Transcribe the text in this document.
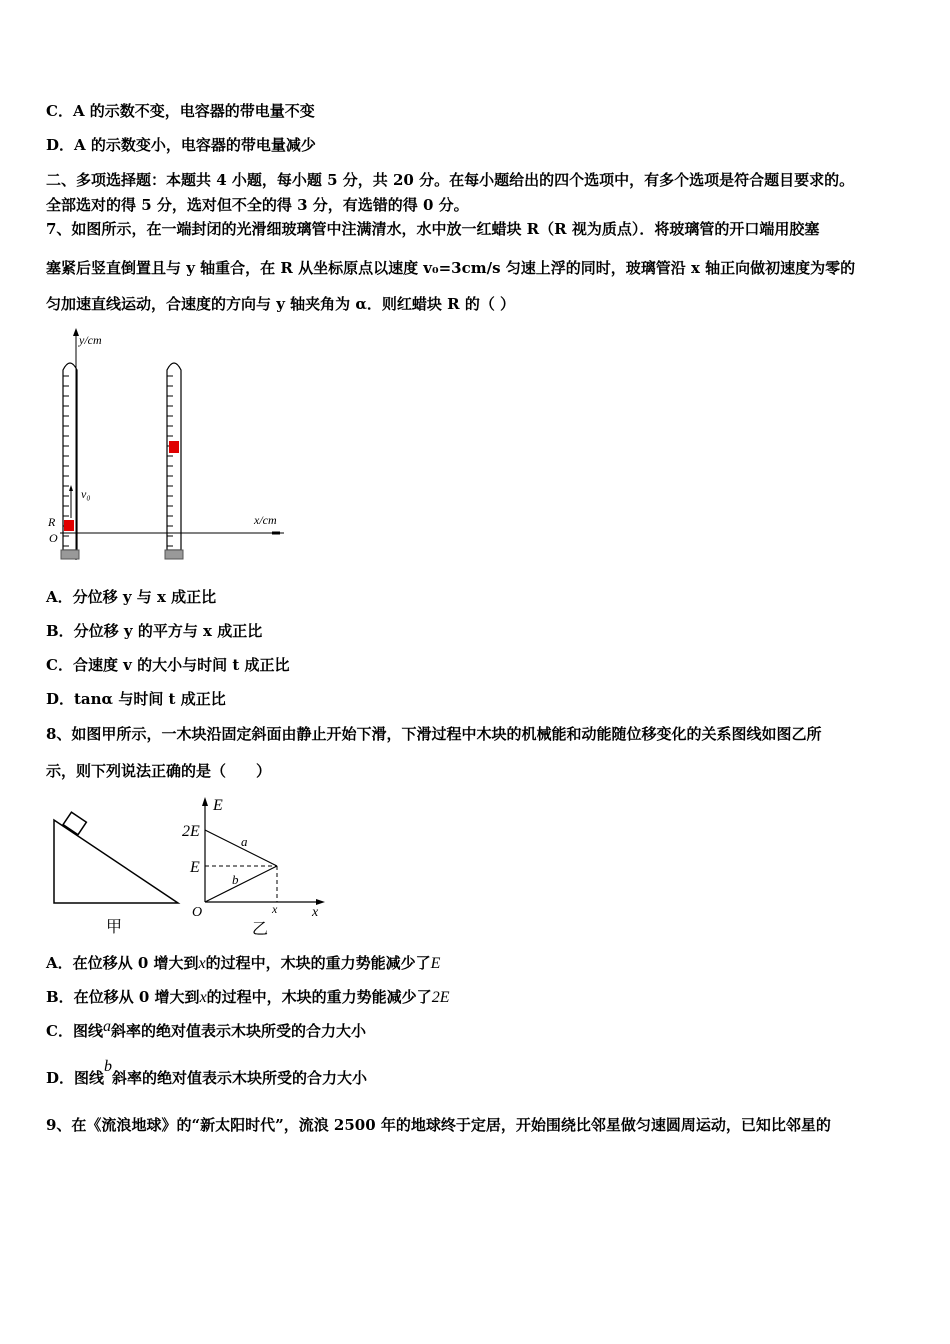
C．A 的示数不变，电容器的带电量不变
D．A 的示数变小，电容器的带电量减少
二、多项选择题：本题共 4 小题，每小题 5 分，共 20 分。在每小题给出的四个选项中，有多个选项是符合题目要求的。
全部选对的得 5 分，选对但不全的得 3 分，有选错的得 0 分。
7、如图所示，在一端封闭的光滑细玻璃管中注满清水，水中放一红蜡块 R（R 视为质点）．将玻璃管的开口端用胶塞
塞紧后竖直倒置且与 y 轴重合，在 R 从坐标原点以速度 v₀=3cm/s 匀速上浮的同时，玻璃管沿 x 轴正向做初速度为零的
匀加速直线运动，合速度的方向与 y 轴夹角为 α．则红蜡块 R 的（ ）
y/cm
x/cm
v₀
R
O
A．分位移 y 与 x 成正比
B．分位移 y 的平方与 x 成正比
C．合速度 v 的大小与时间 t 成正比
D．tanα 与时间 t 成正比
8、如图甲所示，一木块沿固定斜面由静止开始下滑，下滑过程中木块的机械能和动能随位移变化的关系图线如图乙所
示，则下列说法正确的是（　　）
甲
E
2E
E
O	x x
a
b
乙
A．在位移从 0 增大到x的过程中，木块的重力势能减少了E
B．在位移从 0 增大到x的过程中，木块的重力势能减少了2E
C．图线a斜率的绝对值表示木块所受的合力大小
D．图线b斜率的绝对值表示木块所受的合力大小
9、在《流浪地球》的“新太阳时代”，流浪 2500 年的地球终于定居，开始围绕比邻星做匀速圆周运动，已知比邻星的
